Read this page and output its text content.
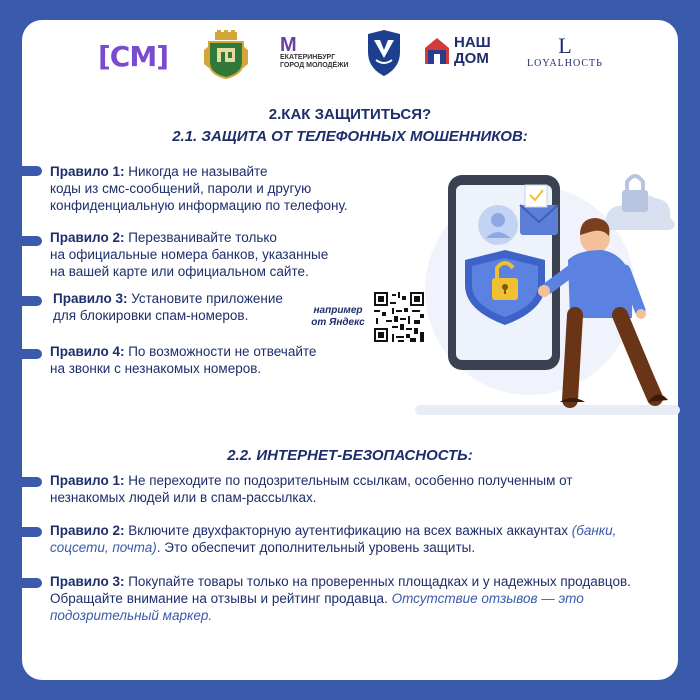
[СМ]	М
ЕКАТЕРИНБУРГ
ГОРОД МОЛОДЁЖИ
НАШ
ДОМ
L
LOYALНОСТЬ
2.КАК ЗАЩИТИТЬСЯ?
2.1. ЗАЩИТА ОТ ТЕЛЕФОННЫХ МОШЕННИКОВ:
2.2. ИНТЕРНЕТ-БЕЗОПАСНОСТЬ:
Правило 1: Никогда не называйте
коды из смс-сообщений, пароли и другую
конфиденциальную информацию по телефону.
Правило 2: Перезванивайте только
на официальные номера банков, указанные
на вашей карте или официальном сайте.
Правило 3: Установите приложение
для блокировки спам-номеров.	например
от Яндекс
Правило 4: По возможности не отвечайте
на звонки с незнакомых номеров.
Правило 1: Не переходите по подозрительным ссылкам, особенно полученным от незнакомых людей или в спам-рассылках.
Правило 2: Включите двухфакторную аутентификацию на всех важных аккаунтах (банки, соцсети, почта). Это обеспечит дополнительный уровень защиты.
Правило 3: Покупайте товары только на проверенных площадках и у надежных продавцов. Обращайте внимание на отзывы и рейтинг продавца. Отсутствие отзывов — это подозрительный маркер.
